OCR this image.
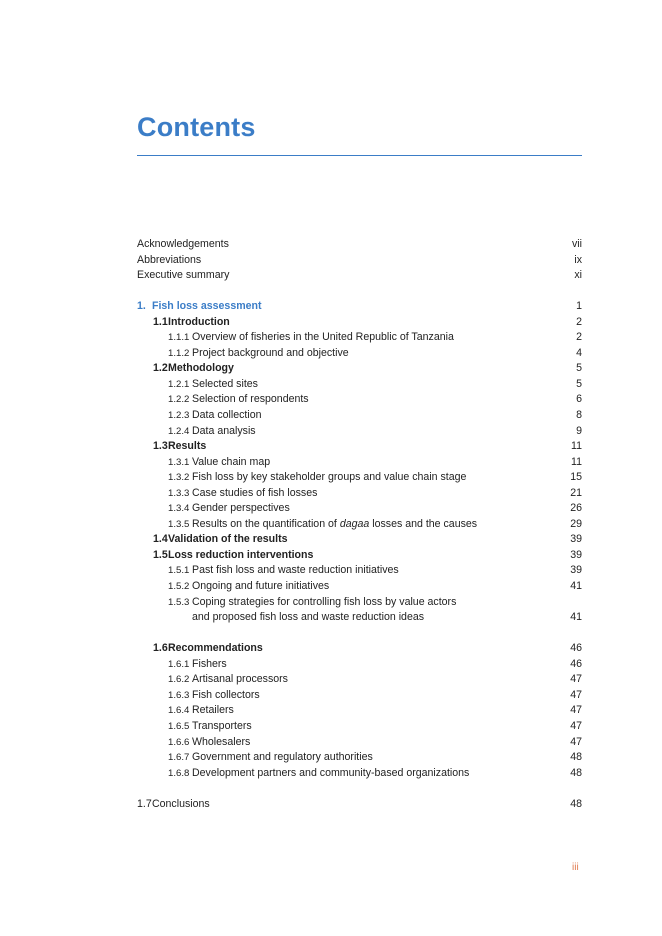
Contents
Acknowledgements	vii
Abbreviations	ix
Executive summary	xi
1. Fish loss assessment	1
1.1 Introduction	2
1.1.1 Overview of fisheries in the United Republic of Tanzania	2
1.1.2 Project background and objective	4
1.2 Methodology	5
1.2.1 Selected sites	5
1.2.2 Selection of respondents	6
1.2.3 Data collection	8
1.2.4 Data analysis	9
1.3 Results	11
1.3.1 Value chain map	11
1.3.2 Fish loss by key stakeholder groups and value chain stage	15
1.3.3 Case studies of fish losses	21
1.3.4 Gender perspectives	26
1.3.5 Results on the quantification of dagaa losses and the causes	29
1.4 Validation of the results	39
1.5 Loss reduction interventions	39
1.5.1 Past fish loss and waste reduction initiatives	39
1.5.2 Ongoing and future initiatives	41
1.5.3 Coping strategies for controlling fish loss by value actors
and proposed fish loss and waste reduction ideas	41
1.6 Recommendations	46
1.6.1 Fishers	46
1.6.2 Artisanal processors	47
1.6.3 Fish collectors	47
1.6.4 Retailers	47
1.6.5 Transporters	47
1.6.6 Wholesalers	47
1.6.7 Government and regulatory authorities	48
1.6.8 Development partners and community-based organizations	48
1.7 Conclusions	48
iii
